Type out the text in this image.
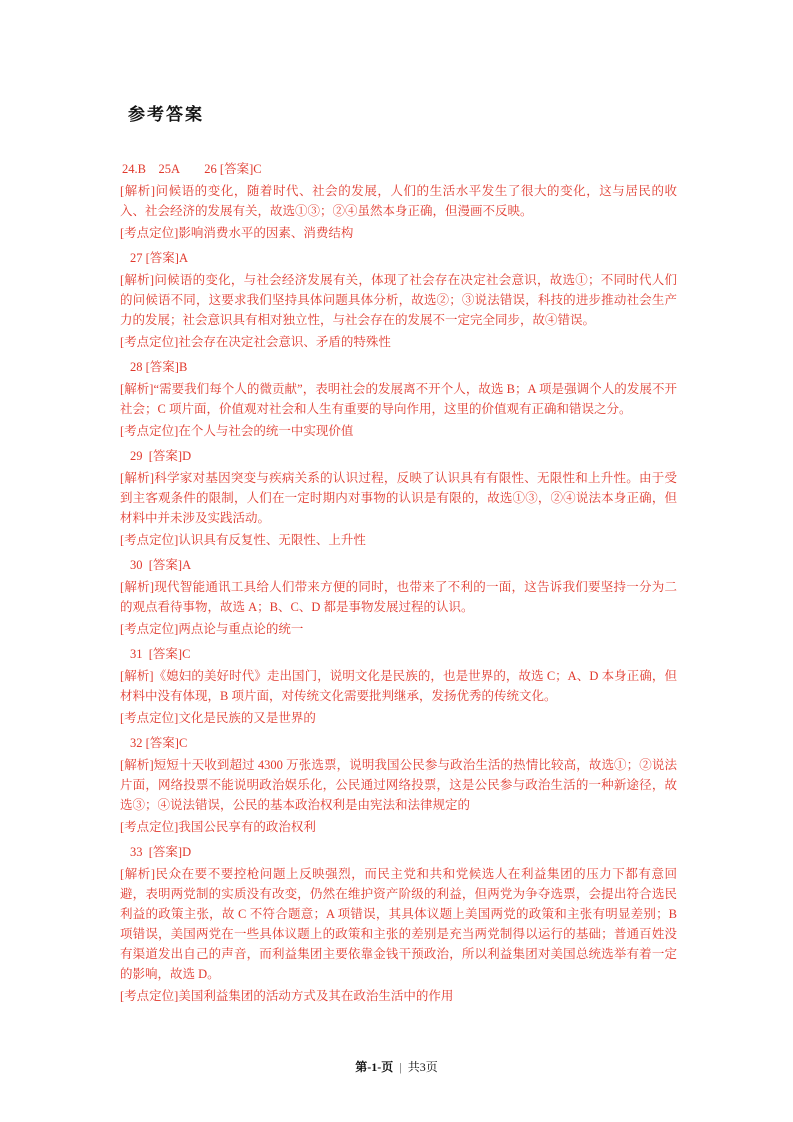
参考答案

24.B    25A        26 [答案]C

[解析]问候语的变化，随着时代、社会的发展，人们的生活水平发生了很大的变化，这与居民的收入、社会经济的发展有关，故选①③；②④虽然本身正确，但漫画不反映。

[考点定位]影响消费水平的因素、消费结构

27 [答案]A

[解析]问候语的变化，与社会经济发展有关，体现了社会存在决定社会意识，故选①；不同时代人们的问候语不同，这要求我们坚持具体问题具体分析，故选②；③说法错误，科技的进步推动社会生产力的发展；社会意识具有相对独立性，与社会存在的发展不一定完全同步，故④错误。

[考点定位]社会存在决定社会意识、矛盾的特殊性

28 [答案]B

[解析]“需要我们每个人的微贡献”，表明社会的发展离不开个人，故选 B；A 项是强调个人的发展不开社会；C 项片面，价值观对社会和人生有重要的导向作用，这里的价值观有正确和错误之分。

[考点定位]在个人与社会的统一中实现价值

29  [答案]D

[解析]科学家对基因突变与疾病关系的认识过程，反映了认识具有有限性、无限性和上升性。由于受到主客观条件的限制，人们在一定时期内对事物的认识是有限的，故选①③，②④说法本身正确，但材料中并未涉及实践活动。

[考点定位]认识具有反复性、无限性、上升性

30  [答案]A

[解析]现代智能通讯工具给人们带来方便的同时，也带来了不利的一面，这告诉我们要坚持一分为二的观点看待事物，故选 A；B、C、D 都是事物发展过程的认识。

[考点定位]两点论与重点论的统一

31  [答案]C

[解析]《媳妇的美好时代》走出国门，说明文化是民族的，也是世界的，故选 C；A、D 本身正确，但材料中没有体现，B 项片面，对传统文化需要批判继承，发扬优秀的传统文化。

[考点定位]文化是民族的又是世界的

32 [答案]C

[解析]短短十天收到超过 4300 万张选票，说明我国公民参与政治生活的热情比较高，故选①；②说法片面，网络投票不能说明政治娱乐化，公民通过网络投票，这是公民参与政治生活的一种新途径，故选③；④说法错误，公民的基本政治权利是由宪法和法律规定的

[考点定位]我国公民享有的政治权利

33  [答案]D

[解析]民众在要不要控枪问题上反映强烈，而民主党和共和党候选人在利益集团的压力下都有意回避，表明两党制的实质没有改变，仍然在维护资产阶级的利益，但两党为争夺选票，会提出符合选民利益的政策主张，故 C 不符合题意；A 项错误，其具体议题上美国两党的政策和主张有明显差别；B 项错误，美国两党在一些具体议题上的政策和主张的差别是充当两党制得以运行的基础；普通百姓没有渠道发出自己的声音，而利益集团主要依靠金钱干预政治，所以利益集团对美国总统选举有着一定的影响，故选 D。

[考点定位]美国利益集团的活动方式及其在政治生活中的作用

第-1-页 | 共3页
